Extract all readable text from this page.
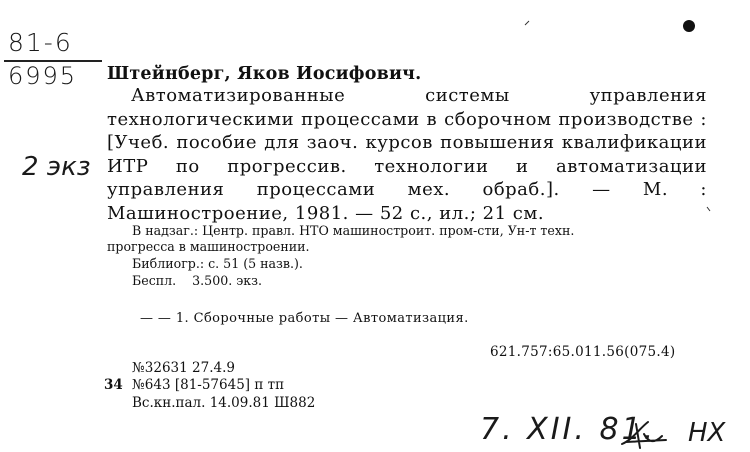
81-6
6995
2 экз
Штейнберг, Яков Иосифович.
Автоматизированные системы управления технологическими процессами в сборочном производстве : [Учеб. пособие для заоч. курсов повышения квалификации ИТР по прогрессив. технологии и автоматизации управления процессами мех. обраб.]. — М. : Машиностроение, 1981. — 52 с., ил.; 21 см.
В надзаг.: Центр. правл. НТО машиностроит. пром-сти, Ун-т техн.
прогресса в машиностроении.
Библиогр.: с. 51 (5 назв.).
Беспл.    3.500. экз.
— — 1. Сборочные работы — Автоматизация.
621.757:65.011.56(075.4)
№32631 27.4.9
34 №643 [81-57645] п тп
Вс.кн.пал. 14.09.81 Ш882
7. XII. 81. НХ
